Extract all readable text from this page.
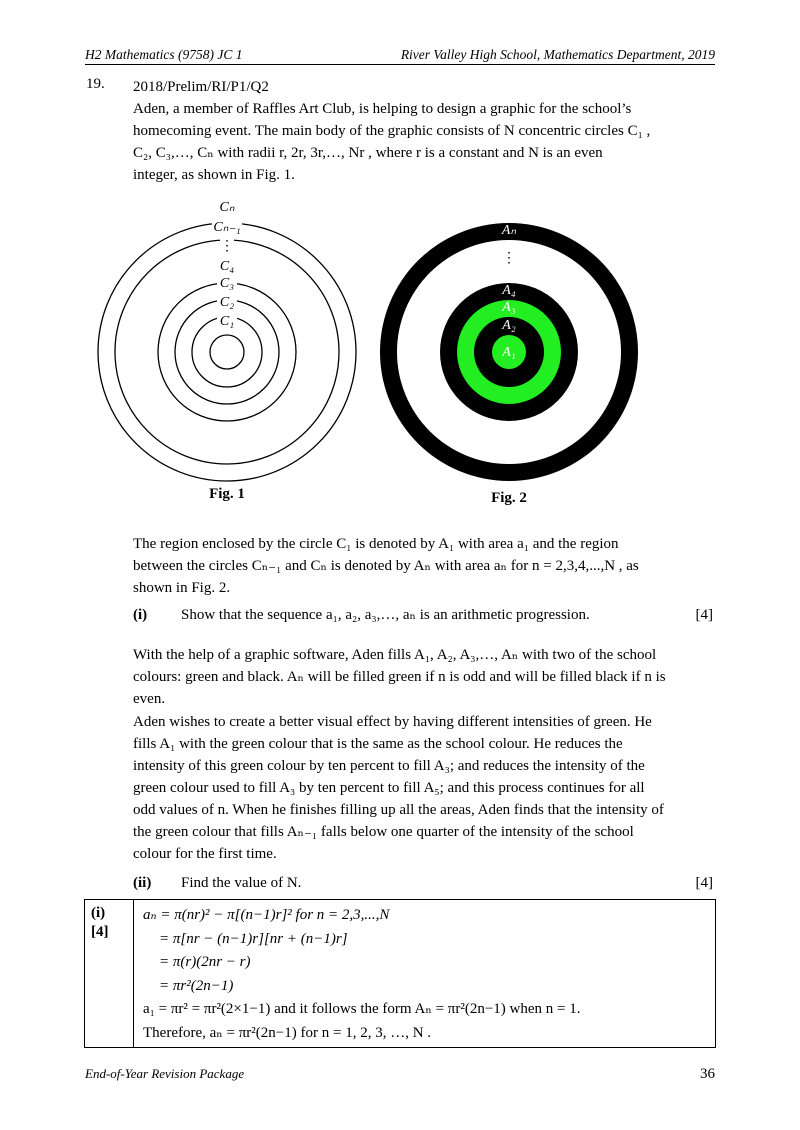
H2 Mathematics (9758) JC 1	River Valley High School, Mathematics Department, 2019
19. 2018/Prelim/RI/P1/Q2
Aden, a member of Raffles Art Club, is helping to design a graphic for the school’s
homecoming event. The main body of the graphic consists of N concentric circles C₁ ,
C₂, C₃,…, Cₙ with radii r, 2r, 3r,…, Nr , where r is a constant and N is an even
integer, as shown in Fig. 1.
Cₙ
Cₙ₋₁
⋮
C₄
C₃
C₂
C₁
Aₙ
⋮
A₄
A₃
A₂
A₁
Fig. 1	Fig. 2
The region enclosed by the circle C₁ is denoted by A₁ with area a₁ and the region
between the circles Cₙ₋₁ and Cₙ is denoted by Aₙ with area aₙ for n = 2,3,4,...,N , as
shown in Fig. 2.
(i) Show that the sequence a₁, a₂, a₃,…, aₙ is an arithmetic progression.	[4]
With the help of a graphic software, Aden fills A₁, A₂, A₃,…, Aₙ with two of the school
colours: green and black. Aₙ will be filled green if n is odd and will be filled black if n is
even.
Aden wishes to create a better visual effect by having different intensities of green. He
fills A₁ with the green colour that is the same as the school colour. He reduces the
intensity of this green colour by ten percent to fill A₃; and reduces the intensity of the
green colour used to fill A₃ by ten percent to fill A₅; and this process continues for all
odd values of n. When he finishes filling up all the areas, Aden finds that the intensity of
the green colour that fills Aₙ₋₁ falls below one quarter of the intensity of the school
colour for the first time.
(ii) Find the value of N.	[4]
(i)
[4]
aₙ = π(nr)² − π[(n−1)r]² for n = 2,3,...,N
= π[nr − (n−1)r][nr + (n−1)r]
= π(r)(2nr − r)
= πr²(2n−1)
a₁ = πr² = πr²(2×1−1) and it follows the form Aₙ = πr²(2n−1) when n = 1.
Therefore, aₙ = πr²(2n−1) for n = 1, 2, 3, …, N .
End-of-Year Revision Package	36
